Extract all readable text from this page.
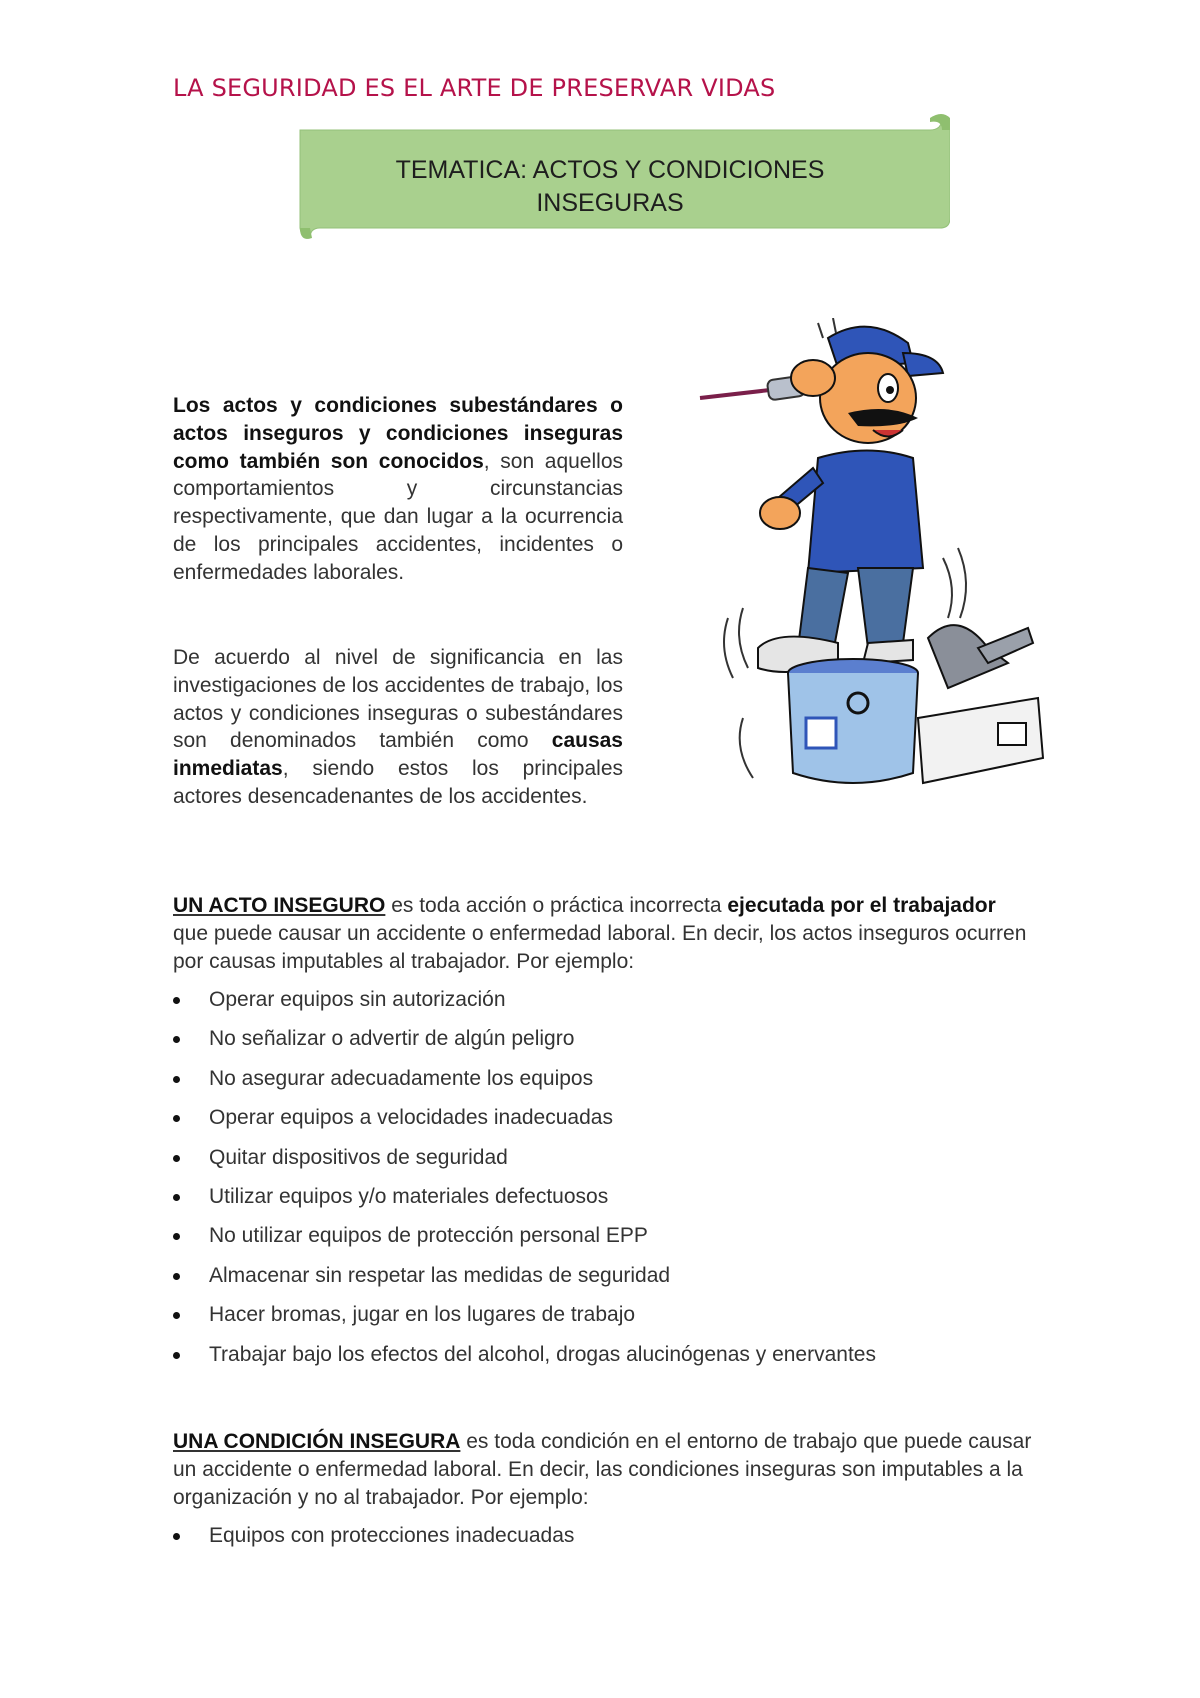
LA SEGURIDAD ES EL ARTE DE PRESERVAR VIDAS
TEMATICA: ACTOS Y CONDICIONES
INSEGURAS
Los actos y condiciones subestándares o actos inseguros y condiciones inseguras como también son conocidos, son aquellos comportamientos y circunstancias respectivamente, que dan lugar a la ocurrencia de los principales accidentes, incidentes o enfermedades laborales.
De acuerdo al nivel de significancia en las investigaciones de los accidentes de trabajo, los actos y condiciones inseguras o subestándares son denominados también como causas inmediatas, siendo estos los principales actores desencadenantes de los accidentes.
UN ACTO INSEGURO es toda acción o práctica incorrecta ejecutada por el trabajador que puede causar un accidente o enfermedad laboral. En decir, los actos inseguros ocurren por causas imputables al trabajador. Por ejemplo:
Operar equipos sin autorización
No señalizar o advertir de algún peligro
No asegurar adecuadamente los equipos
Operar equipos a velocidades inadecuadas
Quitar dispositivos de seguridad
Utilizar equipos y/o materiales defectuosos
No utilizar equipos de protección personal EPP
Almacenar sin respetar las medidas de seguridad
Hacer bromas, jugar en los lugares de trabajo
Trabajar bajo los efectos del alcohol, drogas alucinógenas y enervantes
UNA CONDICIÓN INSEGURA es toda condición en el entorno de trabajo que puede causar un accidente o enfermedad laboral. En decir, las condiciones inseguras son imputables a la organización y no al trabajador. Por ejemplo:
Equipos con protecciones inadecuadas
